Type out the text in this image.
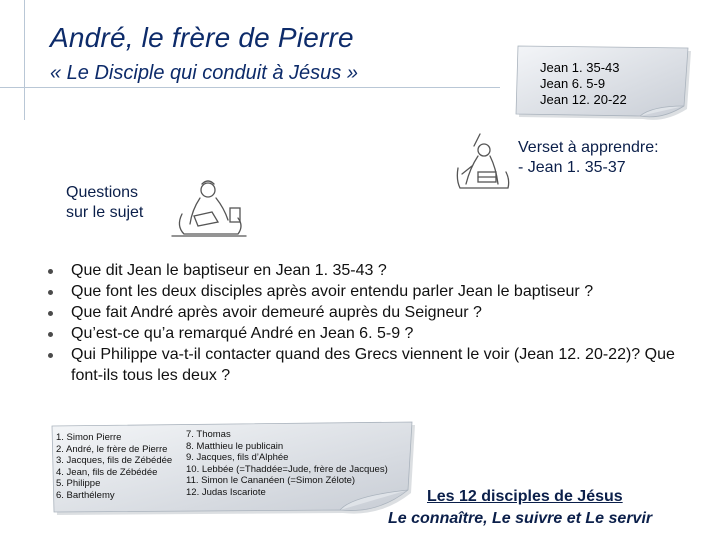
André, le frère de Pierre

« Le Disciple qui conduit à Jésus »	Jean 1. 35-43
Jean 6. 5-9
Jean 12. 20-22
Verset à apprendre:
- Jean 1. 35-37
Questions
sur le sujet
Que dit Jean le baptiseur en Jean 1. 35-43 ?
Que font les deux disciples après avoir entendu parler Jean le baptiseur ?
Que fait André après avoir demeuré auprès du Seigneur ?
Qu’est-ce qu’a remarqué André en Jean 6. 5-9 ?
Qui Philippe va-t-il contacter quand des Grecs viennent le voir (Jean 12. 20-22)? Que font-ils tous les deux ?
1. Simon Pierre
2. André, le frère de Pierre
3. Jacques, fils de Zébédée
4. Jean, fils de Zébédée
5. Philippe
6. Barthélemy
7. Thomas
8. Matthieu le publicain
9. Jacques, fils d’Alphée
10. Lebbée (=Thaddée=Jude, frère de Jacques)
11. Simon le Cananéen (=Simon Zélote)
12. Judas Iscariote	Les 12 disciples de Jésus
Le connaître, Le suivre et Le servir
